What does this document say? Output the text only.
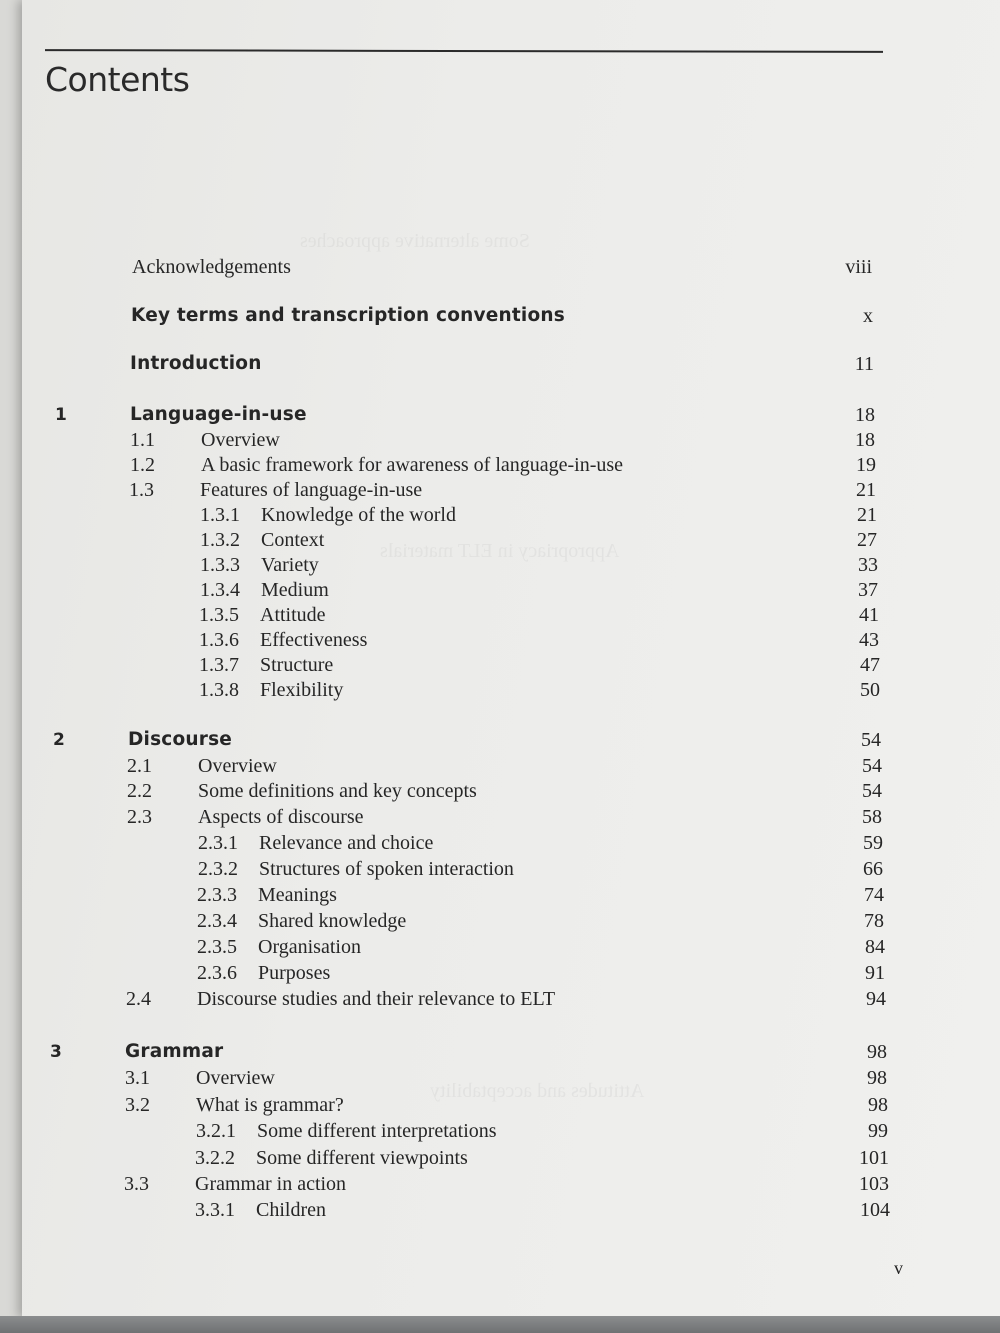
Some alternative approaches
Appropriacy in ELT materials
Attitudes and acceptability
Contents
Acknowledgements	viii
Key terms and transcription conventions	x
Introduction	11
1	Language-in-use	18
1.1 Overview	18
1.2 A basic framework for awareness of language-in-use	19
1.3 Features of language-in-use	21
1.3.1 Knowledge of the world	21
1.3.2 Context	27
1.3.3 Variety	33
1.3.4 Medium	37
1.3.5 Attitude	41
1.3.6 Effectiveness	43
1.3.7 Structure	47
1.3.8 Flexibility	50
2	Discourse	54
2.1 Overview	54
2.2 Some definitions and key concepts	54
2.3 Aspects of discourse	58
2.3.1 Relevance and choice	59
2.3.2 Structures of spoken interaction	66
2.3.3 Meanings	74
2.3.4 Shared knowledge	78
2.3.5 Organisation	84
2.3.6 Purposes	91
2.4 Discourse studies and their relevance to ELT	94
3	Grammar	98
3.1 Overview	98
3.2 What is grammar?	98
3.2.1 Some different interpretations	99
3.2.2 Some different viewpoints	101
3.3 Grammar in action	103
3.3.1 Children	104
v
